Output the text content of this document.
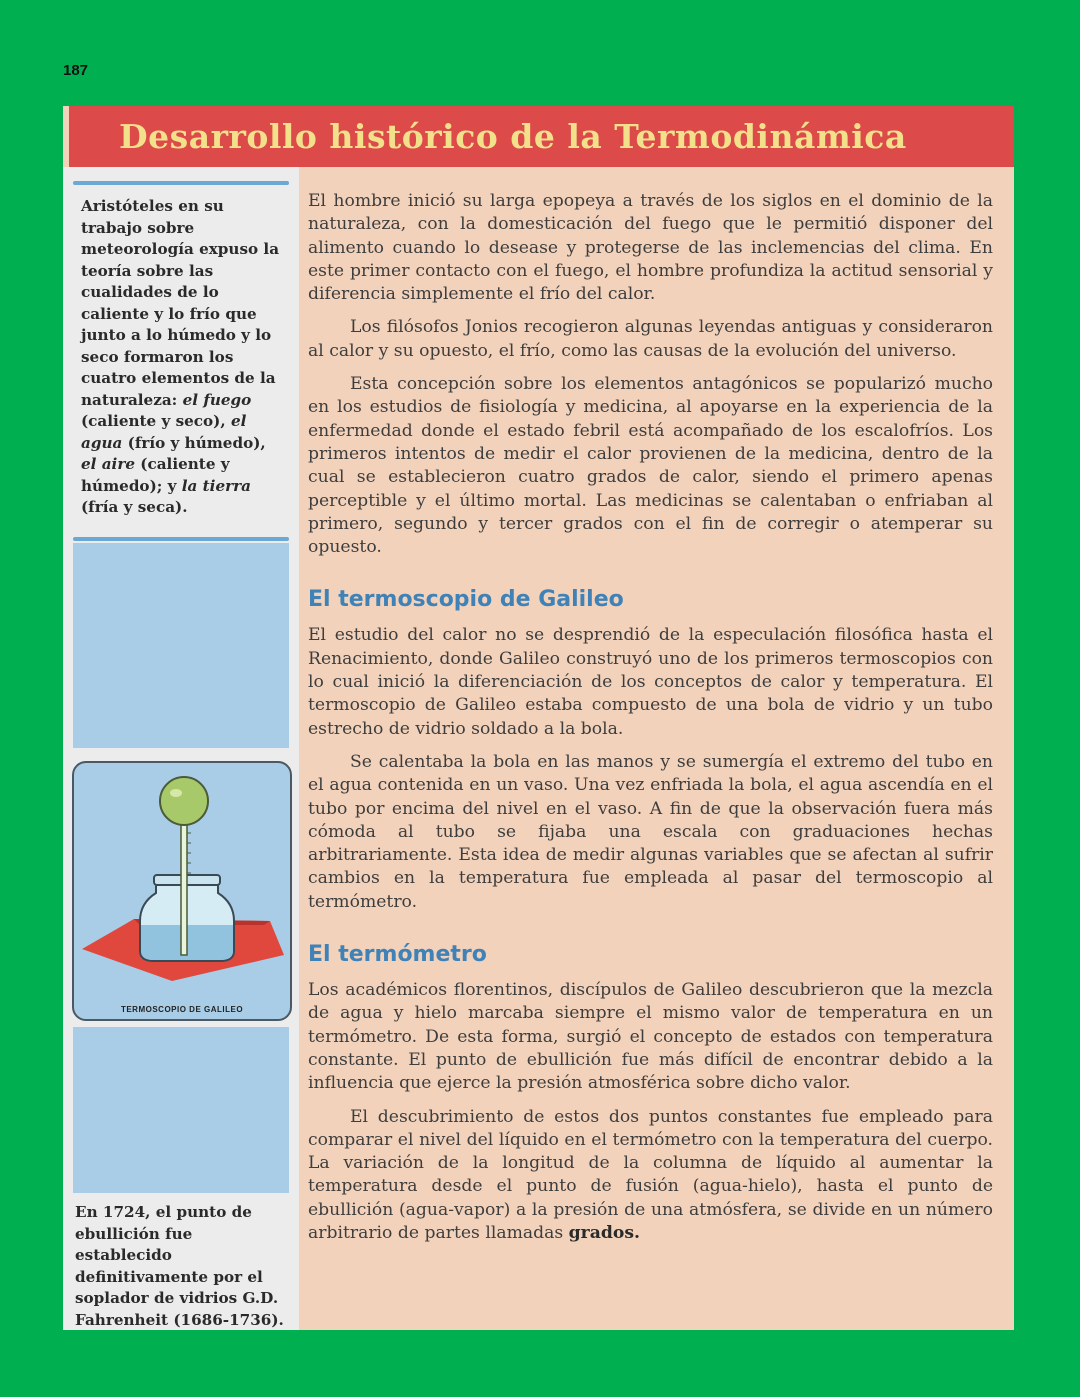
187
Desarrollo histórico de la Termodinámica
Aristóteles en su trabajo sobre meteorología expuso la teoría sobre las cualidades de lo caliente y lo frío que junto a lo húmedo y lo seco formaron los cuatro elementos de la naturaleza: el fuego (caliente y seco), el agua (frío y húmedo), el aire (caliente y húmedo); y la tierra (fría y seca).
TERMOSCOPIO DE GALILEO
En 1724, el punto de ebullición fue establecido definitivamente por el soplador de vidrios G.D. Fahrenheit (1686-1736).

El hombre inició su larga epopeya a través de los siglos en el dominio de la naturaleza, con la domesticación del fuego que le permitió disponer del alimento cuando lo desease y protegerse de las inclemencias del clima. En este primer contacto con el fuego, el hombre profundiza la actitud sensorial y diferencia simplemente el frío del calor.

Los filósofos Jonios recogieron algunas leyendas antiguas y consideraron al calor y su opuesto, el frío, como las causas de la evolución del universo.

Esta concepción sobre los elementos antagónicos se popularizó mucho en los estudios de fisiología y medicina, al apoyarse en la experiencia de la enfermedad donde el estado febril está acompañado de los escalofríos. Los primeros intentos de medir el calor provienen de la medicina, dentro de la cual se establecieron cuatro grados de calor, siendo el primero apenas perceptible y el último mortal. Las medicinas se calentaban o enfriaban al primero, segundo y tercer grados con el fin de corregir o atemperar su opuesto.

El termoscopio de Galileo

El estudio del calor no se desprendió de la especulación filosófica hasta el Renacimiento, donde Galileo construyó uno de los primeros termoscopios con lo cual inició la diferenciación de los conceptos de calor y temperatura. El termoscopio de Galileo estaba compuesto de una bola de vidrio y un tubo estrecho de vidrio soldado a la bola.

Se calentaba la bola en las manos y se sumergía el extremo del tubo en el agua contenida en un vaso. Una vez enfriada la bola, el agua ascendía en el tubo por encima del nivel en el vaso. A fin de que la observación fuera más cómoda al tubo se fijaba una escala con graduaciones hechas arbitrariamente. Esta idea de medir algunas variables que se afectan al sufrir cambios en la temperatura fue empleada al pasar del termoscopio al termómetro.

El termómetro

Los académicos florentinos, discípulos de Galileo descubrieron que la mezcla de agua y hielo marcaba siempre el mismo valor de temperatura en un termómetro. De esta forma, surgió el concepto de estados con temperatura constante. El punto de ebullición fue más difícil de encontrar debido a la influencia que ejerce la presión atmosférica sobre dicho valor.

El descubrimiento de estos dos puntos constantes fue empleado para comparar el nivel del líquido en el termómetro con la temperatura del cuerpo. La variación de la longitud de la columna de líquido al aumentar la temperatura desde el punto de fusión (agua-hielo), hasta el punto de ebullición (agua-vapor) a la presión de una atmósfera, se divide en un número arbitrario de partes llamadas grados.
